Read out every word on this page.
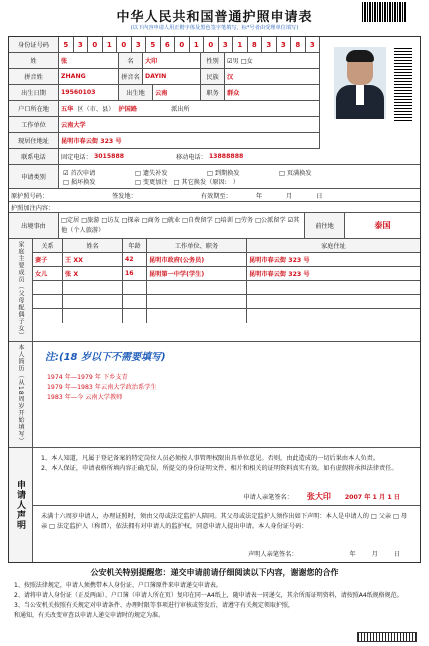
中华人民共和国普通护照申请表
(以下内容申请人用正楷字体及黑色签字笔填写，标*号者由受理单位填写)
身份证号码	5	3	0	1	0	3	5	6	0	1	0	3	1	8	3	3	8	3
姓	张	名	大印	性别	☑男 □女
拼音姓	ZHANG	拼音名 DAYIN	民族	汉
出生日期	19560103	出生地	云南	职务	群众
户口所在地	五华 区（市、县） 护国路	派出所
工作单位	云南大学
现居住地址	昆明市春云街 323 号
联系电话	固定电话： 3015888	移动电话： 13888888
申请类别
☑ 首次申请	□ 遗失补发	□ 到期换发	□ 页满换发
□ 损坏换发	□ 变更加注 □ 其它换发（原因: ）
原护照号码：	签发地：	有效期至：	年	月	日
护照加注内容：
出境事由
□定居 □旅游 □访友 □探亲 □商务 □就业 □自费留学 □培训 □劳务 □公派留学 ☑其他（个人旅游）	前往地	泰国
家庭主要成员（父母配偶子女）	关系	姓名	年龄	工作单位、职务	家庭住址
妻子	王 XX	42	昆明市政府(公务员)	昆明市春云街 323 号
女儿	张 X	16	昆明第一中学(学生)	昆明市春云街 323 号
本人简历（从18周岁开始填写）	注:(18 岁以下不需要填写)
1974 年—1979 年 下乡支青
1979 年—1983 年云南大学政治系学生
1983 年—今 云南大学教师
申请人声明
1、本人知道，凡属于登记备案的特定岗位人员必须按人事管理权限出具单位意见。否则，由此造成的一切后果由本人负责。
2、本人保证，申请表格所填内容正确无误，所提交的身份证明文件、相片和相关的证明资料真实有效。如有虚假将承担法律责任。
申请人亲笔签名： 张大印 2007 年 1 月 1 日
未满十六周岁申请人，办理证照时，须由父母或法定监护人陪同。其父母或法定监护人须作出如下声明：本人是申请人的 □ 父亲 □ 母亲 □ 法定监护人（称谓），依法拥有对申请人的监护权，同意申请人提出申请。本人身份证号码：
声明人亲笔签名：	年	月	日
公安机关特别提醒您：递交申请前请仔细阅读以下内容，谢谢您的合作
1、按照法律规定，申请人须携带本人身份证、户口簿原件来申请递交申请表。
2、请将申请人身份证（正反两面）、户口簿（申请人所在页）复印在同一A4纸上，随申请表一同递交，其余所需证明资料，请按照A4纸规格规范。
3、当公安机关按照有关规定对申请条件、办理时限等事项进行审核或签发后，请遵守有关规定领取护照，
和通知，有关改变审查以申请人递交申请时的规定为准。
